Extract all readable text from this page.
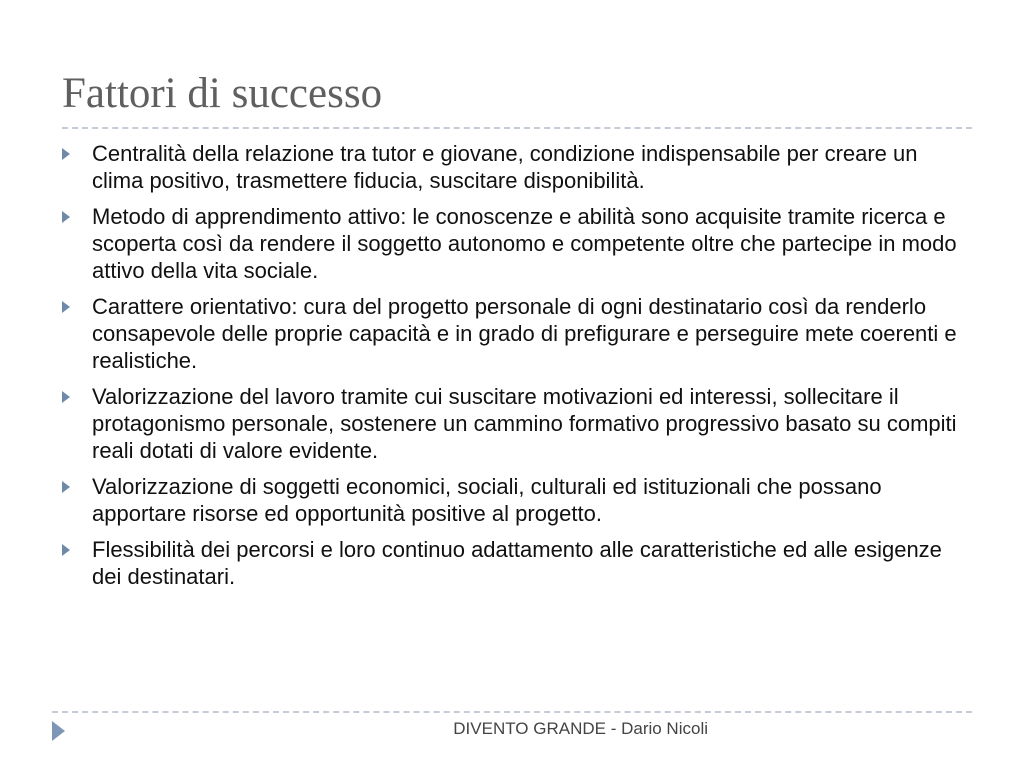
Fattori di successo
Centralità della relazione tra tutor e giovane, condizione indispensabile per creare un clima positivo, trasmettere fiducia, suscitare disponibilità.
Metodo di apprendimento attivo: le conoscenze e abilità sono acquisite tramite ricerca e scoperta così da rendere il soggetto autonomo e competente oltre che partecipe in modo attivo della vita sociale.
Carattere orientativo: cura del progetto personale di ogni destinatario così da renderlo consapevole delle proprie capacità e in grado di prefigurare e perseguire mete coerenti e realistiche.
Valorizzazione del lavoro tramite cui suscitare motivazioni ed interessi, sollecitare il protagonismo personale, sostenere un cammino formativo progressivo basato su compiti reali dotati di valore evidente.
Valorizzazione di soggetti economici, sociali, culturali ed istituzionali che possano apportare risorse ed opportunità positive al progetto.
Flessibilità dei percorsi e loro continuo adattamento alle caratteristiche ed alle esigenze dei destinatari.
DIVENTO GRANDE - Dario Nicoli
